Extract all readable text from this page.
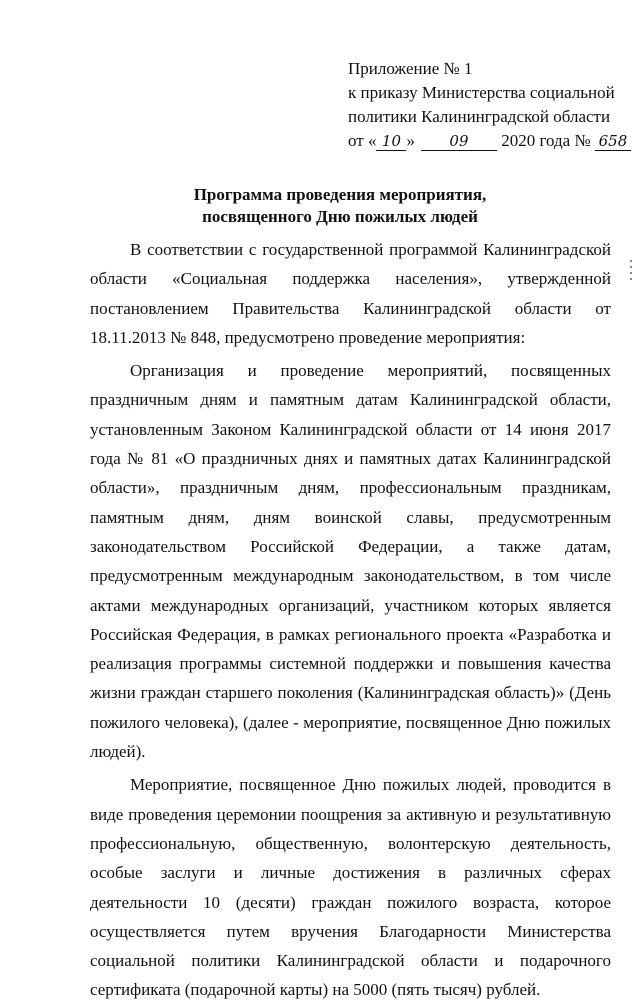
Приложение № 1
к приказу Министерства социальной
политики Калининградской области
от « 10 » 09 2020 года № 658
Программа проведения мероприятия,
посвященного Дню пожилых людей

В соответствии с государственной программой Калининградской области «Социальная поддержка населения», утвержденной постановлением Правительства Калининградской области от 18.11.2013 № 848, предусмотрено проведение мероприятия:

Организация и проведение мероприятий, посвященных праздничным дням и памятным датам Калининградской области, установленным Законом Калининградской области от 14 июня 2017 года № 81 «О праздничных днях и памятных датах Калининградской области», праздничным дням, профессиональным праздникам, памятным дням, дням воинской славы, предусмотренным законодательством Российской Федерации, а также датам, предусмотренным международным законодательством, в том числе актами международных организаций, участником которых является Российская Федерация, в рамках регионального проекта «Разработка и реализация программы системной поддержки и повышения качества жизни граждан старшего поколения (Калининградская область)» (День пожилого человека), (далее - мероприятие, посвященное Дню пожилых людей).

Мероприятие, посвященное Дню пожилых людей, проводится в виде проведения церемонии поощрения за активную и результативную профессиональную, общественную, волонтерскую деятельность, особые заслуги и личные достижения в различных сферах деятельности 10 (десяти) граждан пожилого возраста, которое осуществляется путем вручения Благодарности Министерства социальной политики Калининградской области и подарочного сертификата (подарочной карты) на 5000 (пять тысяч) рублей.
